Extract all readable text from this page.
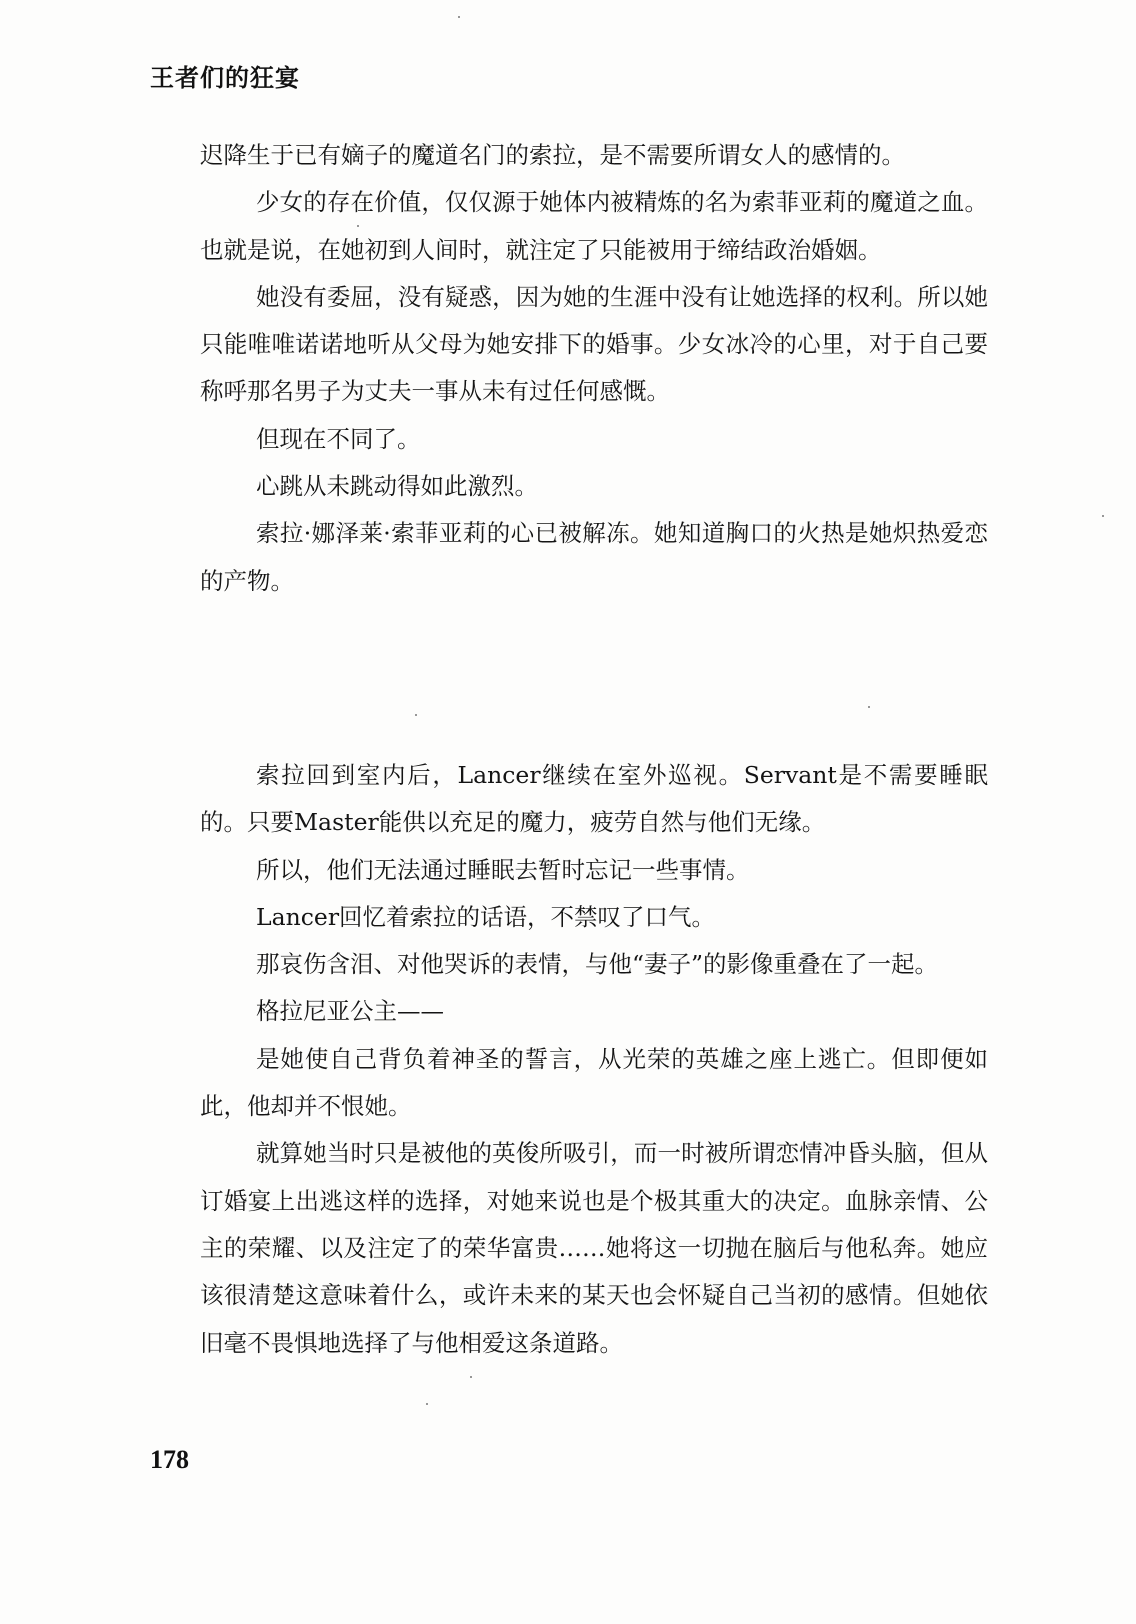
王者们的狂宴

迟降生于已有嫡子的魔道名门的索拉，是不需要所谓女人的感情的。

少女的存在价值，仅仅源于她体内被精炼的名为索菲亚莉的魔道之血。也就是说，在她初到人间时，就注定了只能被用于缔结政治婚姻。

她没有委屈，没有疑惑，因为她的生涯中没有让她选择的权利。所以她只能唯唯诺诺地听从父母为她安排下的婚事。少女冰冷的心里，对于自己要称呼那名男子为丈夫一事从未有过任何感慨。

但现在不同了。

心跳从未跳动得如此激烈。

索拉·娜泽莱·索菲亚莉的心已被解冻。她知道胸口的火热是她炽热爱恋的产物。

索拉回到室内后，Lancer继续在室外巡视。Servant是不需要睡眠的。只要Master能供以充足的魔力，疲劳自然与他们无缘。

所以，他们无法通过睡眠去暂时忘记一些事情。

Lancer回忆着索拉的话语，不禁叹了口气。

那哀伤含泪、对他哭诉的表情，与他“妻子”的影像重叠在了一起。

格拉尼亚公主——

是她使自己背负着神圣的誓言，从光荣的英雄之座上逃亡。但即便如此，他却并不恨她。

就算她当时只是被他的英俊所吸引，而一时被所谓恋情冲昏头脑，但从订婚宴上出逃这样的选择，对她来说也是个极其重大的决定。血脉亲情、公主的荣耀、以及注定了的荣华富贵……她将这一切抛在脑后与他私奔。她应该很清楚这意味着什么，或许未来的某天也会怀疑自己当初的感情。但她依旧毫不畏惧地选择了与他相爱这条道路。

178
